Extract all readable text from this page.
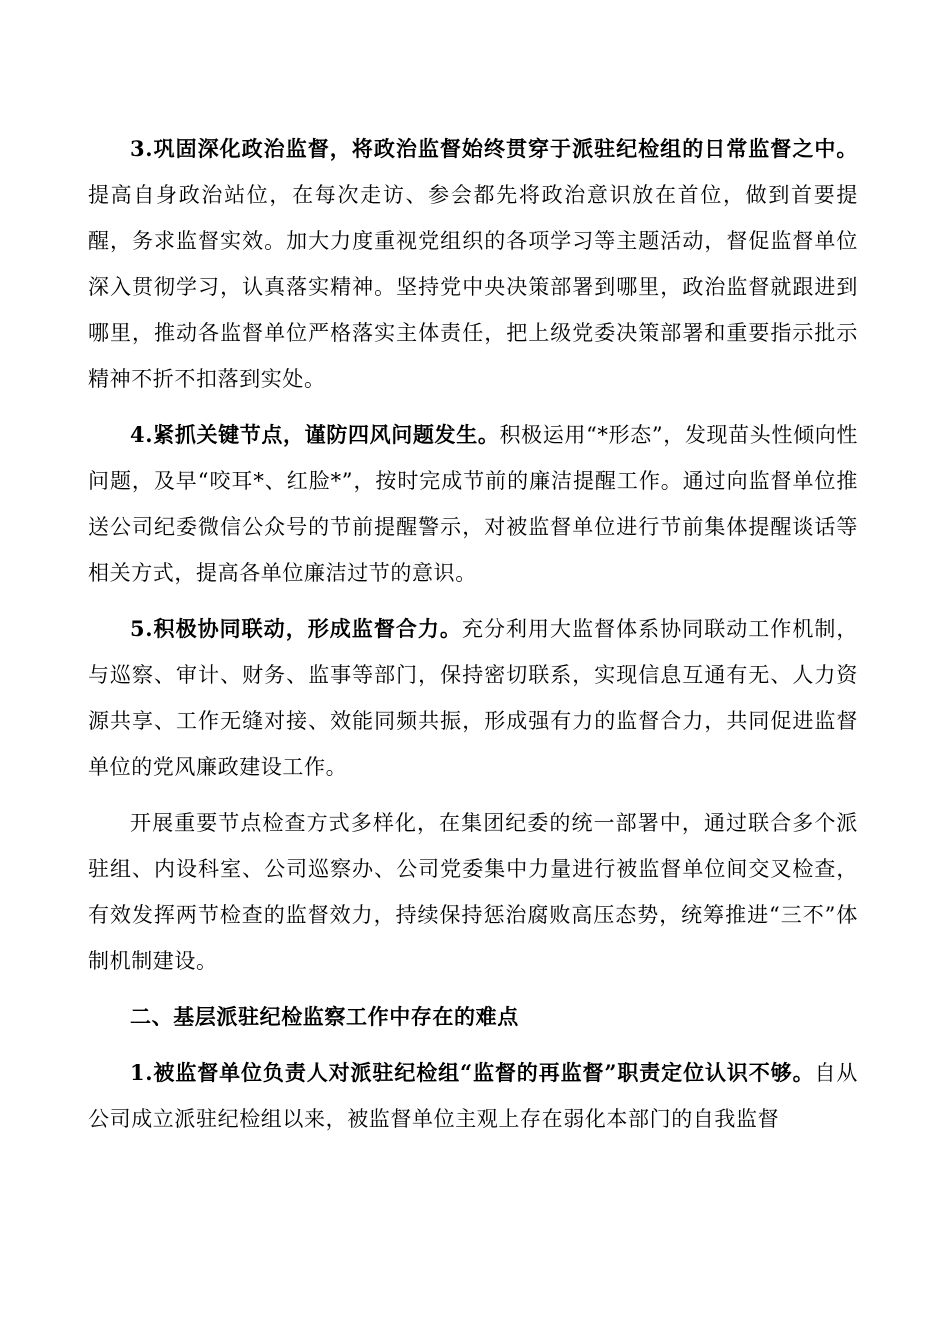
3.巩固深化政治监督，将政治监督始终贯穿于派驻纪检组的日常监督之中。提高自身政治站位，在每次走访、参会都先将政治意识放在首位，做到首要提醒，务求监督实效。加大力度重视党组织的各项学习等主题活动，督促监督单位深入贯彻学习，认真落实精神。坚持党中央决策部署到哪里，政治监督就跟进到哪里，推动各监督单位严格落实主体责任，把上级党委决策部署和重要指示批示精神不折不扣落到实处。

4.紧抓关键节点，谨防四风问题发生。积极运用“*形态”，发现苗头性倾向性问题，及早“咬耳*、红脸*”，按时完成节前的廉洁提醒工作。通过向监督单位推送公司纪委微信公众号的节前提醒警示，对被监督单位进行节前集体提醒谈话等相关方式，提高各单位廉洁过节的意识。

5.积极协同联动，形成监督合力。充分利用大监督体系协同联动工作机制，与巡察、审计、财务、监事等部门，保持密切联系，实现信息互通有无、人力资源共享、工作无缝对接、效能同频共振，形成强有力的监督合力，共同促进监督单位的党风廉政建设工作。

开展重要节点检查方式多样化，在集团纪委的统一部署中，通过联合多个派驻组、内设科室、公司巡察办、公司党委集中力量进行被监督单位间交叉检查，有效发挥两节检查的监督效力，持续保持惩治腐败高压态势，统筹推进“三不”体制机制建设。

二、基层派驻纪检监察工作中存在的难点

1.被监督单位负责人对派驻纪检组“监督的再监督”职责定位认识不够。自从公司成立派驻纪检组以来，被监督单位主观上存在弱化本部门的自我监督
